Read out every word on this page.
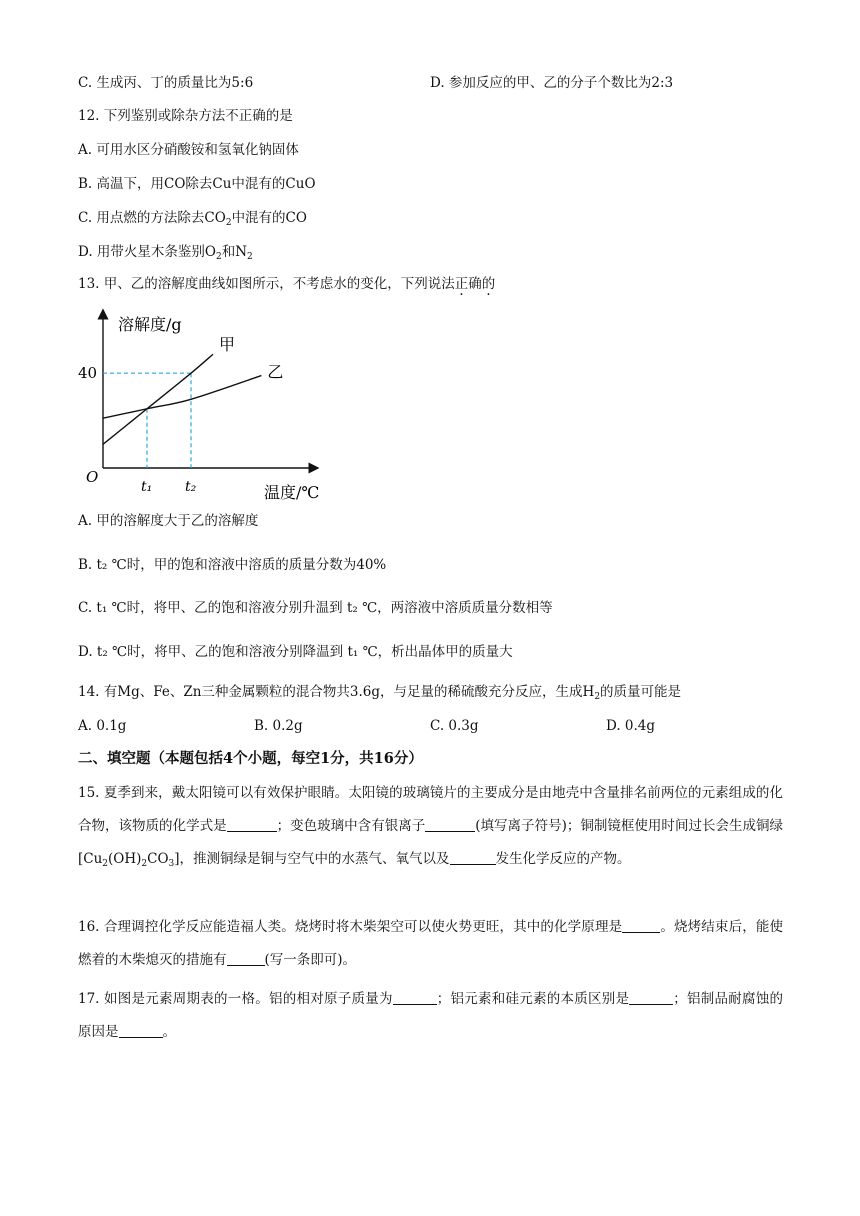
C. 生成丙、丁的质量比为5:6	D. 参加反应的甲、乙的分子个数比为2:3
12. 下列鉴别或除杂方法不正确的是
A. 可用水区分硝酸铵和氢氧化钠固体
B. 高温下，用CO除去Cu中混有的CuO
C. 用点燃的方法除去$CO_2$中混有的CO
D. 用带火星木条鉴别$O_2$和$N_2$
13. 甲、乙的溶解度曲线如图所示，不考虑水的变化，下列说法正确的
溶解度/g
温度/℃
O
40
t₁ t₂
甲
乙
A. 甲的溶解度大于乙的溶解度
B. t₂ ℃时，甲的饱和溶液中溶质的质量分数为40%
C. t₁ ℃时，将甲、乙的饱和溶液分别升温到 t₂ ℃，两溶液中溶质质量分数相等
D. t₂ ℃时，将甲、乙的饱和溶液分别降温到 t₁ ℃，析出晶体甲的质量大
14. 有Mg、Fe、Zn三种金属颗粒的混合物共3.6g，与足量的稀硫酸充分反应，生成$H_2$的质量可能是
A. 0.1g	B. 0.2g	C. 0.3g	D. 0.4g
二、填空题（本题包括4个小题，每空1分，共16分）
15. 夏季到来，戴太阳镜可以有效保护眼睛。太阳镜的玻璃镜片的主要成分是由地壳中含量排名前两位的元素组成的化合物，该物质的化学式是	；变色玻璃中含有银离子	(填写离子符号)；铜制镜框使用时间过长会生成铜绿$[Cu_2(OH)_2CO_3]$，推测铜绿是铜与空气中的水蒸气、氧气以及	发生化学反应的产物。
16. 合理调控化学反应能造福人类。烧烤时将木柴架空可以使火势更旺，其中的化学原理是	。烧烤结束后，能使燃着的木柴熄灭的措施有	(写一条即可)。
17. 如图是元素周期表的一格。铝的相对原子质量为	；铝元素和硅元素的本质区别是	；铝制品耐腐蚀的原因是	。
